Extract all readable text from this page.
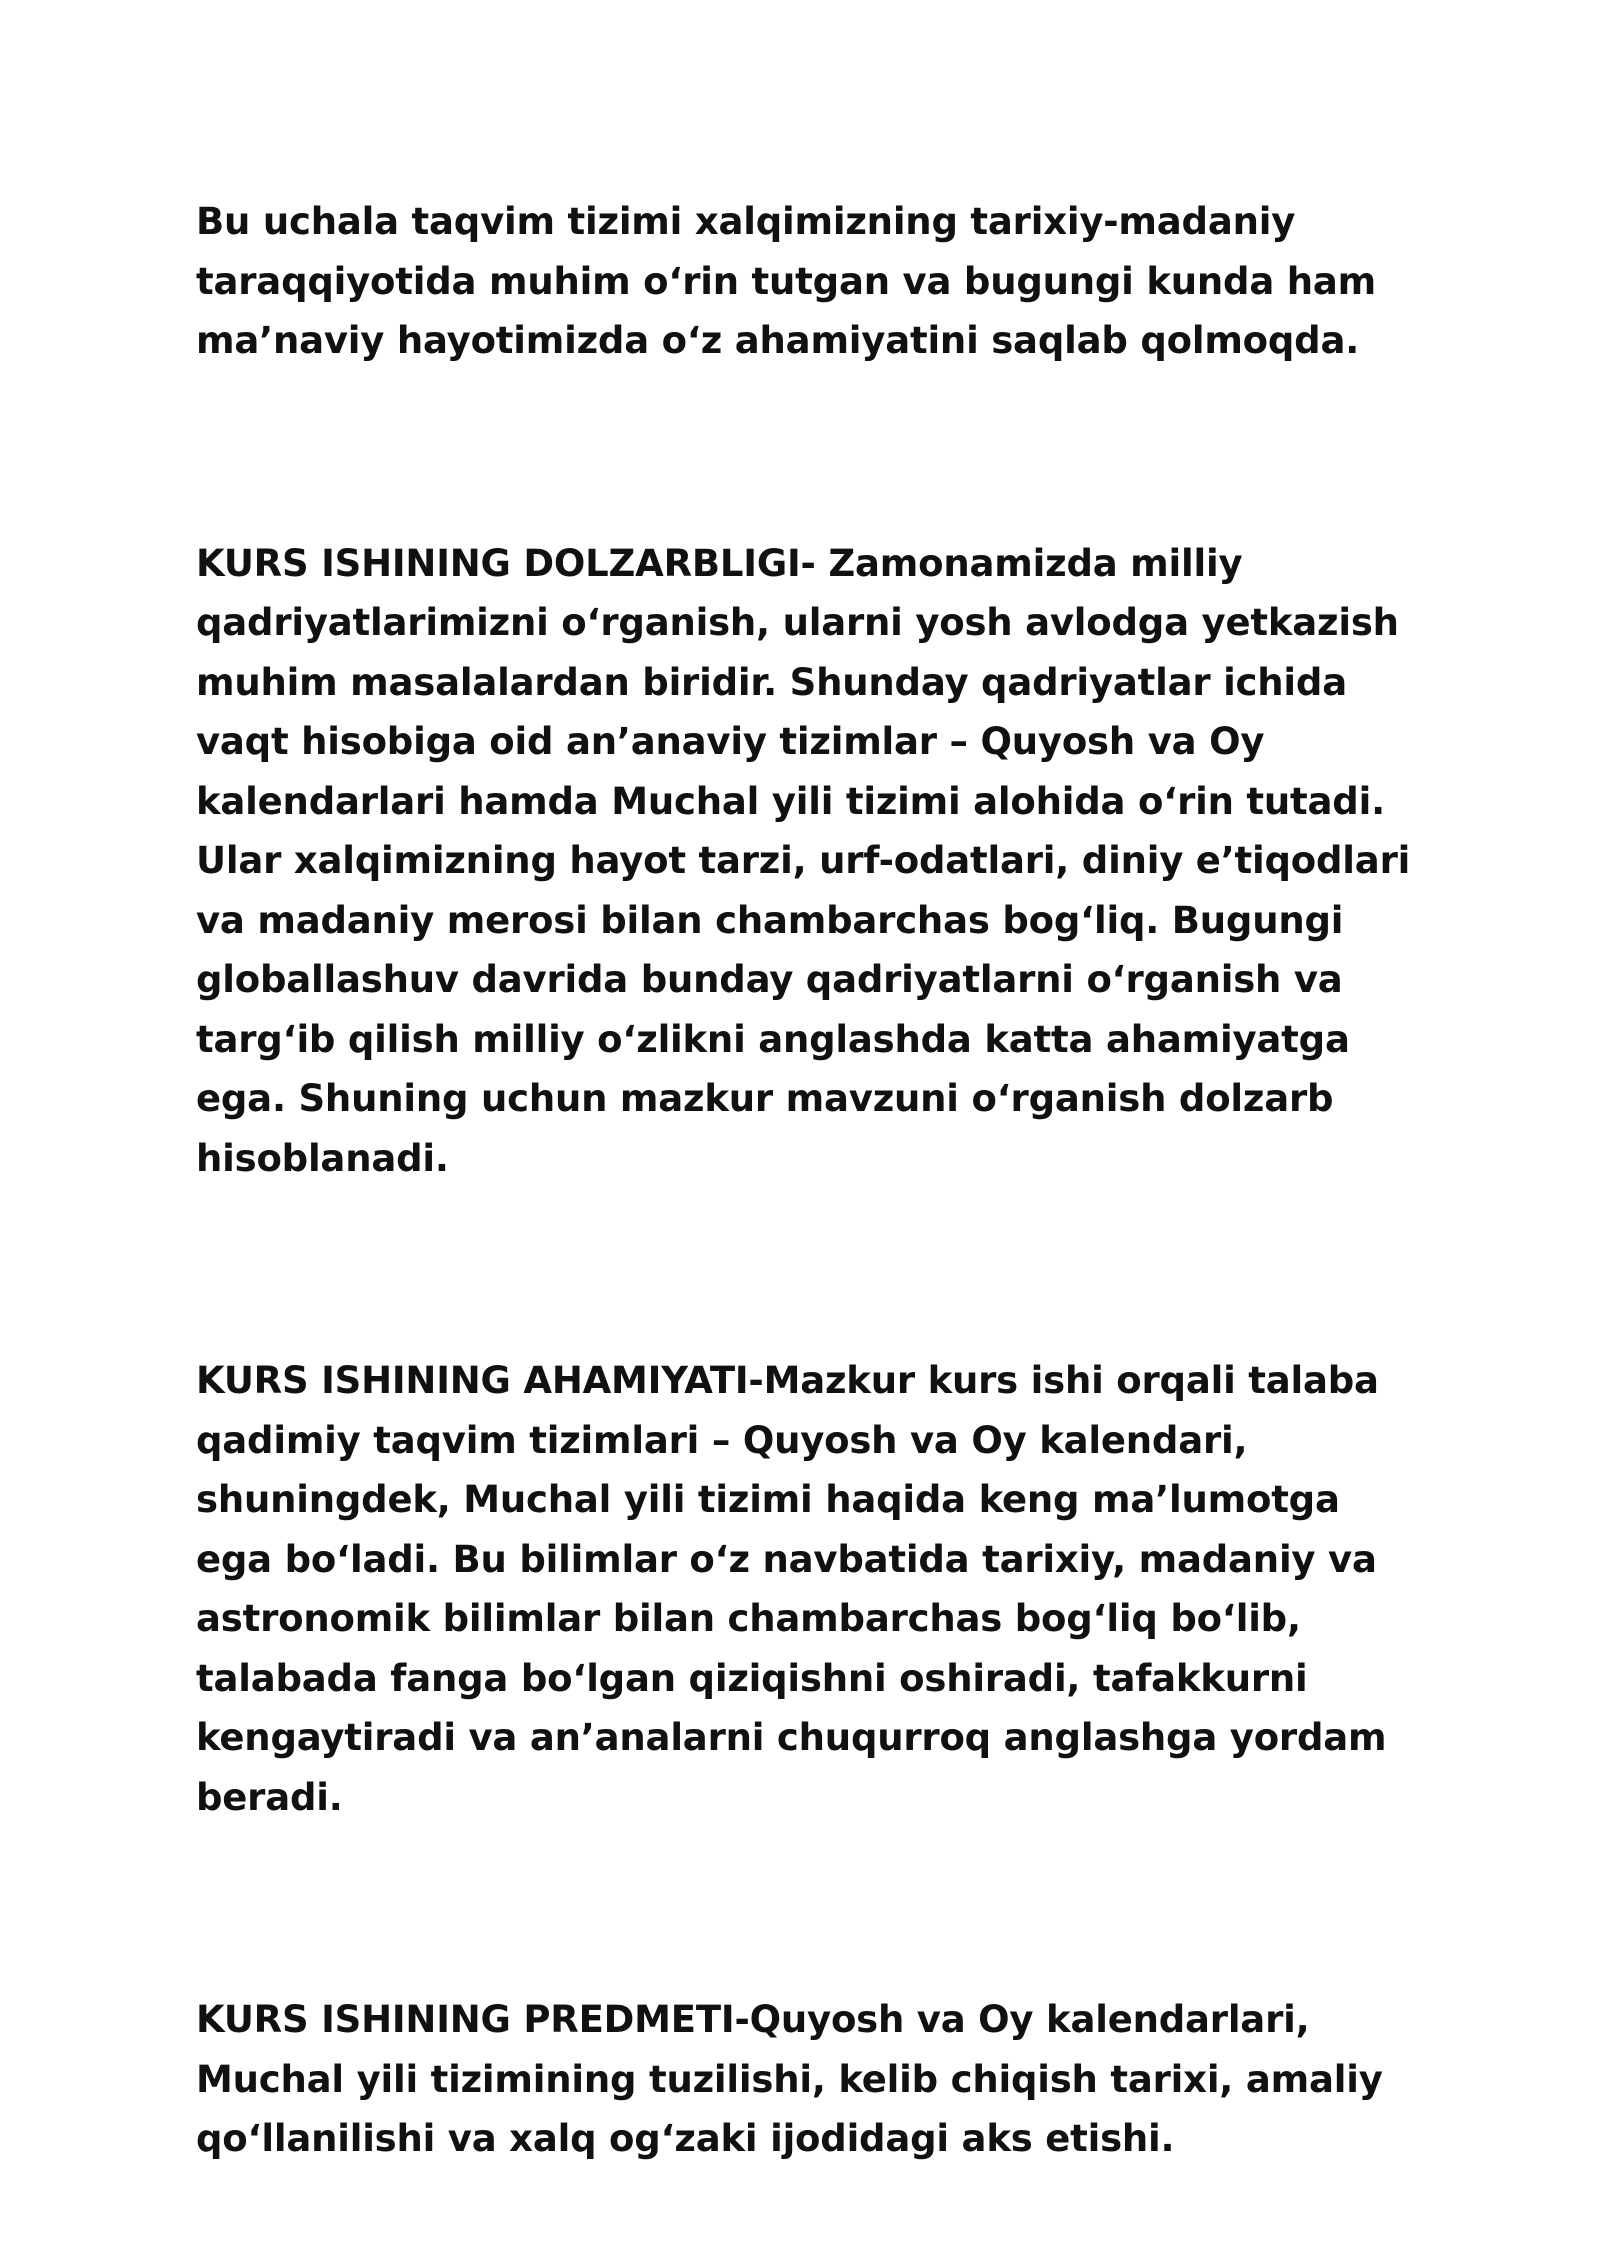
Bu uchala taqvim tizimi xalqimizning tarixiy-madaniy taraqqiyotida muhim o‘rin tutgan va bugungi kunda ham ma’naviy hayotimizda o‘z ahamiyatini saqlab qolmoqda.

KURS ISHINING DOLZARBLIGI- Zamonamizda milliy qadriyatlarimizni o‘rganish, ularni yosh avlodga yetkazish muhim masalalardan biridir. Shunday qadriyatlar ichida vaqt hisobiga oid an’anaviy tizimlar – Quyosh va Oy kalendarlari hamda Muchal yili tizimi alohida o‘rin tutadi. Ular xalqimizning hayot tarzi, urf-odatlari, diniy e’tiqodlari va madaniy merosi bilan chambarchas bog‘liq. Bugungi globallashuv davrida bunday qadriyatlarni o‘rganish va targ‘ib qilish milliy o‘zlikni anglashda katta ahamiyatga ega. Shuning uchun mazkur mavzuni o‘rganish dolzarb hisoblanadi.

KURS ISHINING AHAMIYATI-Mazkur kurs ishi orqali talaba qadimiy taqvim tizimlari – Quyosh va Oy kalendari, shuningdek, Muchal yili tizimi haqida keng ma’lumotga ega bo‘ladi. Bu bilimlar o‘z navbatida tarixiy, madaniy va astronomik bilimlar bilan chambarchas bog‘liq bo‘lib, talabada fanga bo‘lgan qiziqishni oshiradi, tafakkurni kengaytiradi va an’analarni chuqurroq anglashga yordam beradi.

KURS ISHINING PREDMETI-Quyosh va Oy kalendarlari, Muchal yili tizimining tuzilishi, kelib chiqish tarixi, amaliy qo‘llanilishi va xalq og‘zaki ijodidagi aks etishi.
